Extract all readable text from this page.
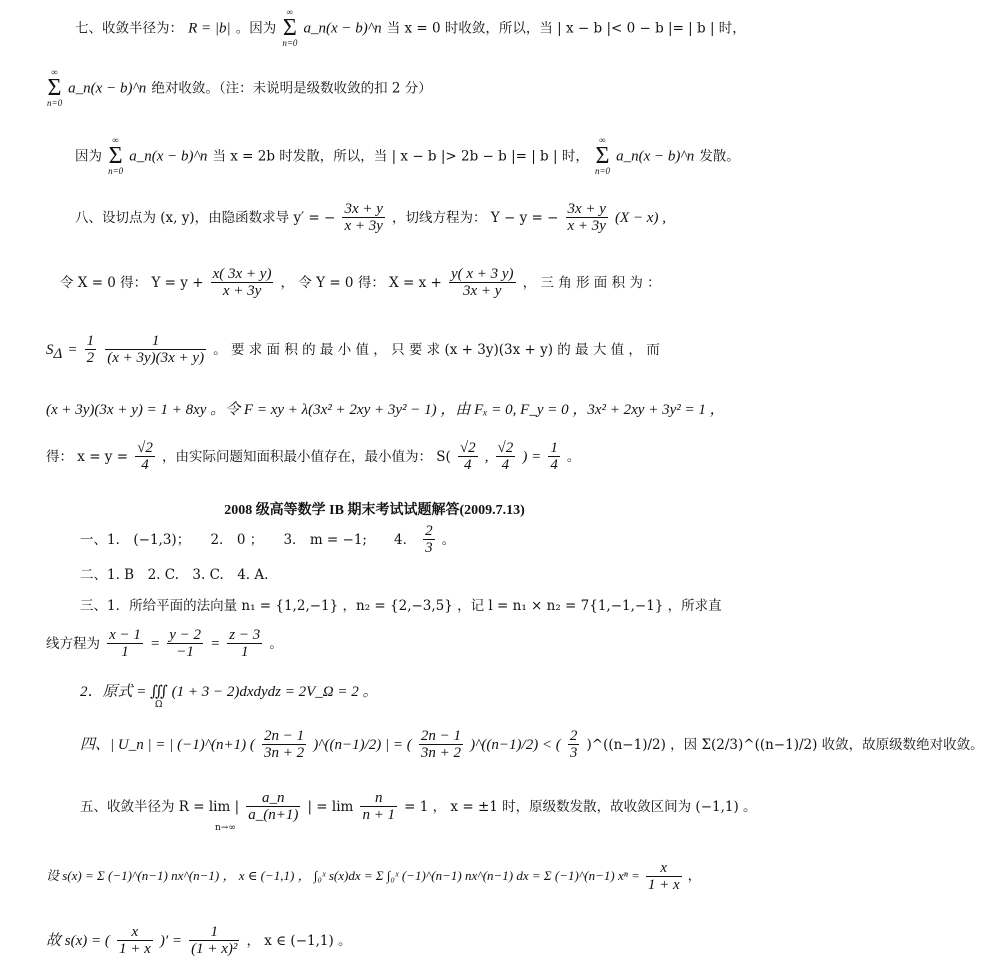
七、收敛半径为： R = |b| 。因为 ∞
Σ
n=0 a_n(x − b)^n 当 x = 0 时收敛，所以，当 | x − b |< 0 − b |= | b | 时，
∞
Σ
n=0 a_n(x − b)^n 绝对收敛。（注：未说明是级数收敛的扣 2 分）
因为 ∞
Σ
n=0 a_n(x − b)^n 当 x = 2b 时发散，所以，当 | x − b |> 2b − b |= | b | 时， ∞
Σ
n=0 a_n(x − b)^n 发散。
八、设切点为 (x, y)，由隐函数求导 y′ = − $\frac{3x + y}{x + 3y}$ ，切线方程为： Y − y = − $\frac{3x + y}{x + 3y} (X - x)$ ,
令 X = 0 得： $Y = y + \frac{x( 3x + y)}{x + 3y}$ ， 令 Y = 0 得： $X = x + \frac{y( x + 3 y)}{3x + y}$ ， 三 角 形 面 积 为 ：
$S_\Delta = \frac{1}{2}$
$\frac{1}{(x + 3y)(3x + y)}$ 。 要 求 面 积 的 最 小 值 ， 只 要 求 (x + 3y)(3x + y) 的 最 大 值 ， 而
(x + 3y)(3x + y) = 1 + 8xy 。令 F = xy + λ(3x² + 2xy + 3y² − 1) ，由 Fₓ = 0, F_y = 0 ，3x² + 2xy + 3y² = 1 ，
得： $x = y = \frac{√2}{4}$ ，由实际问题知面积最小值存在，最小值为： $S( \frac{√2}{4}$ , $\frac{√2}{4}$ ) = $\frac{1}{4}$ 。
2008 级高等数学 IB 期末考试试题解答(2009.7.13)
一、1． (−1,3)；　　2． 0 ；　　3． m = −1;　　4． $\frac{2}{3}$ 。
二、1. B　2. C.　3. C.　4. A.
三、1．所给平面的法向量 n₁ = {1,2,−1} ，n₂ = {2,−3,5} ，记 l = n₁ × n₂ = 7{1,−1,−1} ，所求直
线方程为 $\frac{x - 1}{1} = \frac{y - 2}{-1} = \frac{z - 3}{1}$ 。
2．原式 = ∭ (1 + 3 − 2)dxdydz = 2V_Ω = 2 。
Ω
四、| U_n | = | (−1)^(n+1) ( $\frac{2n - 1}{3n + 2}$ )^((n−1)/2) | = ( $\frac{2n - 1}{3n + 2}$ )^((n−1)/2) < ( $\frac{2}{3}$ )^((n−1)/2) ，因 Σ(2/3)^((n−1)/2) 收敛，故原级数绝对收敛。
五、收敛半径为 R = lim | $\frac{a\_n}{a\_(n+1)}$ | = $\lim \frac{n}{n + 1} = 1$ ， x = ±1 时，原级数发散，故收敛区间为 (−1,1) 。
n→∞
设 s(x) = Σ (−1)^(n−1) nx^(n−1) ， x ∈ (−1,1) ， ∫₀ˣ s(x)dx = Σ ∫₀ˣ (−1)^(n−1) nx^(n−1) dx = Σ (−1)^(n−1) $x^n = \frac{x}{1 + x}$ ，
故 s(x) = ( $\frac{x}{1 + x}$ )′ = $\frac{1}{\text{(1 + x)²}}$ ， x ∈ (−1,1) 。
